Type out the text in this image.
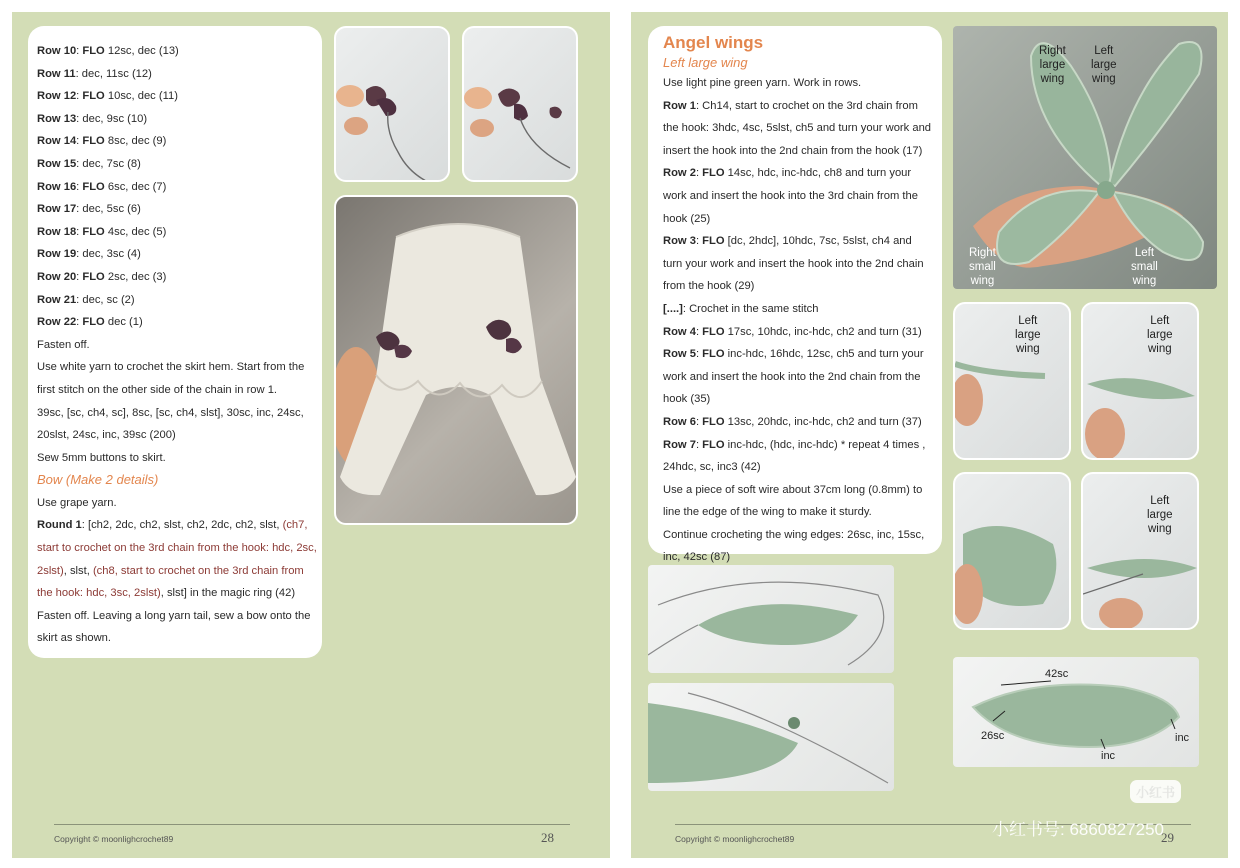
Row 10: FLO 12sc, dec (13)
Row 11: dec, 11sc (12)
Row 12: FLO 10sc, dec (11)
Row 13: dec, 9sc (10)
Row 14: FLO 8sc, dec (9)
Row 15: dec, 7sc (8)
Row 16: FLO 6sc, dec (7)
Row 17: dec, 5sc (6)
Row 18: FLO 4sc, dec (5)
Row 19: dec, 3sc (4)
Row 20: FLO 2sc, dec (3)
Row 21: dec, sc (2)
Row 22: FLO dec (1)
Fasten off.
Use white yarn to crochet the skirt hem. Start from the
first stitch on the other side of the chain in row 1.
39sc, [sc, ch4, sc], 8sc, [sc, ch4, slst], 30sc, inc, 24sc,
20slst, 24sc, inc, 39sc (200)
Sew 5mm buttons to skirt.
Bow (Make 2 details)
Use grape yarn.
Round 1: [ch2, 2dc, ch2, slst, ch2, 2dc, ch2, slst, (ch7, start to crochet on the 3rd chain from the hook: hdc, 2sc, 2slst), slst, (ch8, start to crochet on the 3rd chain from the hook: hdc, 3sc, 2slst), slst] in the magic ring (42)
Fasten off. Leaving a long yarn tail, sew a bow onto the skirt as shown.
Copyright © moonlighcrochet89	28
Angel wings
Left large wing
Use light pine green yarn. Work in rows.
Row 1: Ch14, start to crochet on the 3rd chain from the hook: 3hdc, 4sc, 5slst, ch5 and turn your work and insert the hook into the 2nd chain from the hook (17)
Row 2: FLO 14sc, hdc, inc-hdc, ch8 and turn your work and insert the hook into the 3rd chain from the hook (25)
Row 3: FLO [dc, 2hdc], 10hdc, 7sc, 5slst, ch4 and turn your work and insert the hook into the 2nd chain from the hook (29)
[....]: Crochet in the same stitch
Row 4: FLO 17sc, 10hdc, inc-hdc, ch2 and turn (31)
Row 5: FLO inc-hdc, 16hdc, 12sc, ch5 and turn your work and insert the hook into the 2nd chain from the hook (35)
Row 6: FLO 13sc, 20hdc, inc-hdc, ch2 and turn (37)
Row 7: FLO inc-hdc, (hdc, inc-hdc) * repeat 4 times , 24hdc, sc, inc3 (42)
Use a piece of soft wire about 37cm long (0.8mm) to line the edge of the wing to make it sturdy.
Continue crocheting the wing edges: 26sc, inc, 15sc, inc, 42sc (87)
Right
large
wing
Left
large
wing
Right
small
wing
Left
small
wing
Left
large
wing
Left
large
wing
Left
large
wing
42sc
26sc	inc
inc
Copyright © moonlighcrochet89	29
小红书
小红书号: 6860827250
